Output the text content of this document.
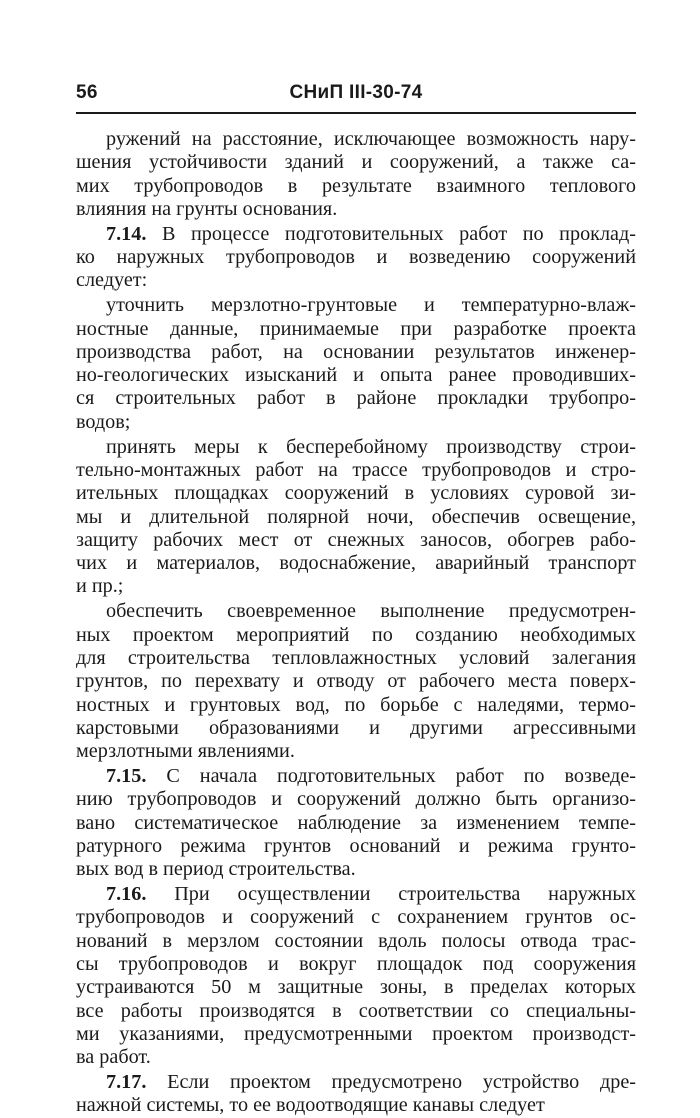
56	СНиП III-30-74
ружений на расстояние, исключающее возможность нару-
шения устойчивости зданий и сооружений, а также са-
мих трубопроводов в результате взаимного теплового
влияния на грунты основания.
7.14. В процессе подготовительных работ по проклад-
ко наружных трубопроводов и возведению сооружений
следует:
уточнить мерзлотно-грунтовые и температурно-влаж-
ностные данные, принимаемые при разработке проекта
производства работ, на основании результатов инженер-
но-геологических изысканий и опыта ранее проводивших-
ся строительных работ в районе прокладки трубопро-
водов;
принять меры к бесперебойному производству строи-
тельно-монтажных работ на трассе трубопроводов и стро-
ительных площадках сооружений в условиях суровой зи-
мы и длительной полярной ночи, обеспечив освещение,
защиту рабочих мест от снежных заносов, обогрев рабо-
чих и материалов, водоснабжение, аварийный транспорт
и пр.;
обеспечить своевременное выполнение предусмотрен-
ных проектом мероприятий по созданию необходимых
для строительства тепловлажностных условий залегания
грунтов, по перехвату и отводу от рабочего места поверх-
ностных и грунтовых вод, по борьбе с наледями, термо-
карстовыми образованиями и другими агрессивными
мерзлотными явлениями.
7.15. С начала подготовительных работ по возведе-
нию трубопроводов и сооружений должно быть организо-
вано систематическое наблюдение за изменением темпе-
ратурного режима грунтов оснований и режима грунто-
вых вод в период строительства.
7.16. При осуществлении строительства наружных
трубопроводов и сооружений с сохранением грунтов ос-
нований в мерзлом состоянии вдоль полосы отвода трас-
сы трубопроводов и вокруг площадок под сооружения
устраиваются 50 м защитные зоны, в пределах которых
все работы производятся в соответствии со специальны-
ми указаниями, предусмотренными проектом производст-
ва работ.
7.17. Если проектом предусмотрено устройство дре-
нажной системы, то ее водоотводящие канавы следует
